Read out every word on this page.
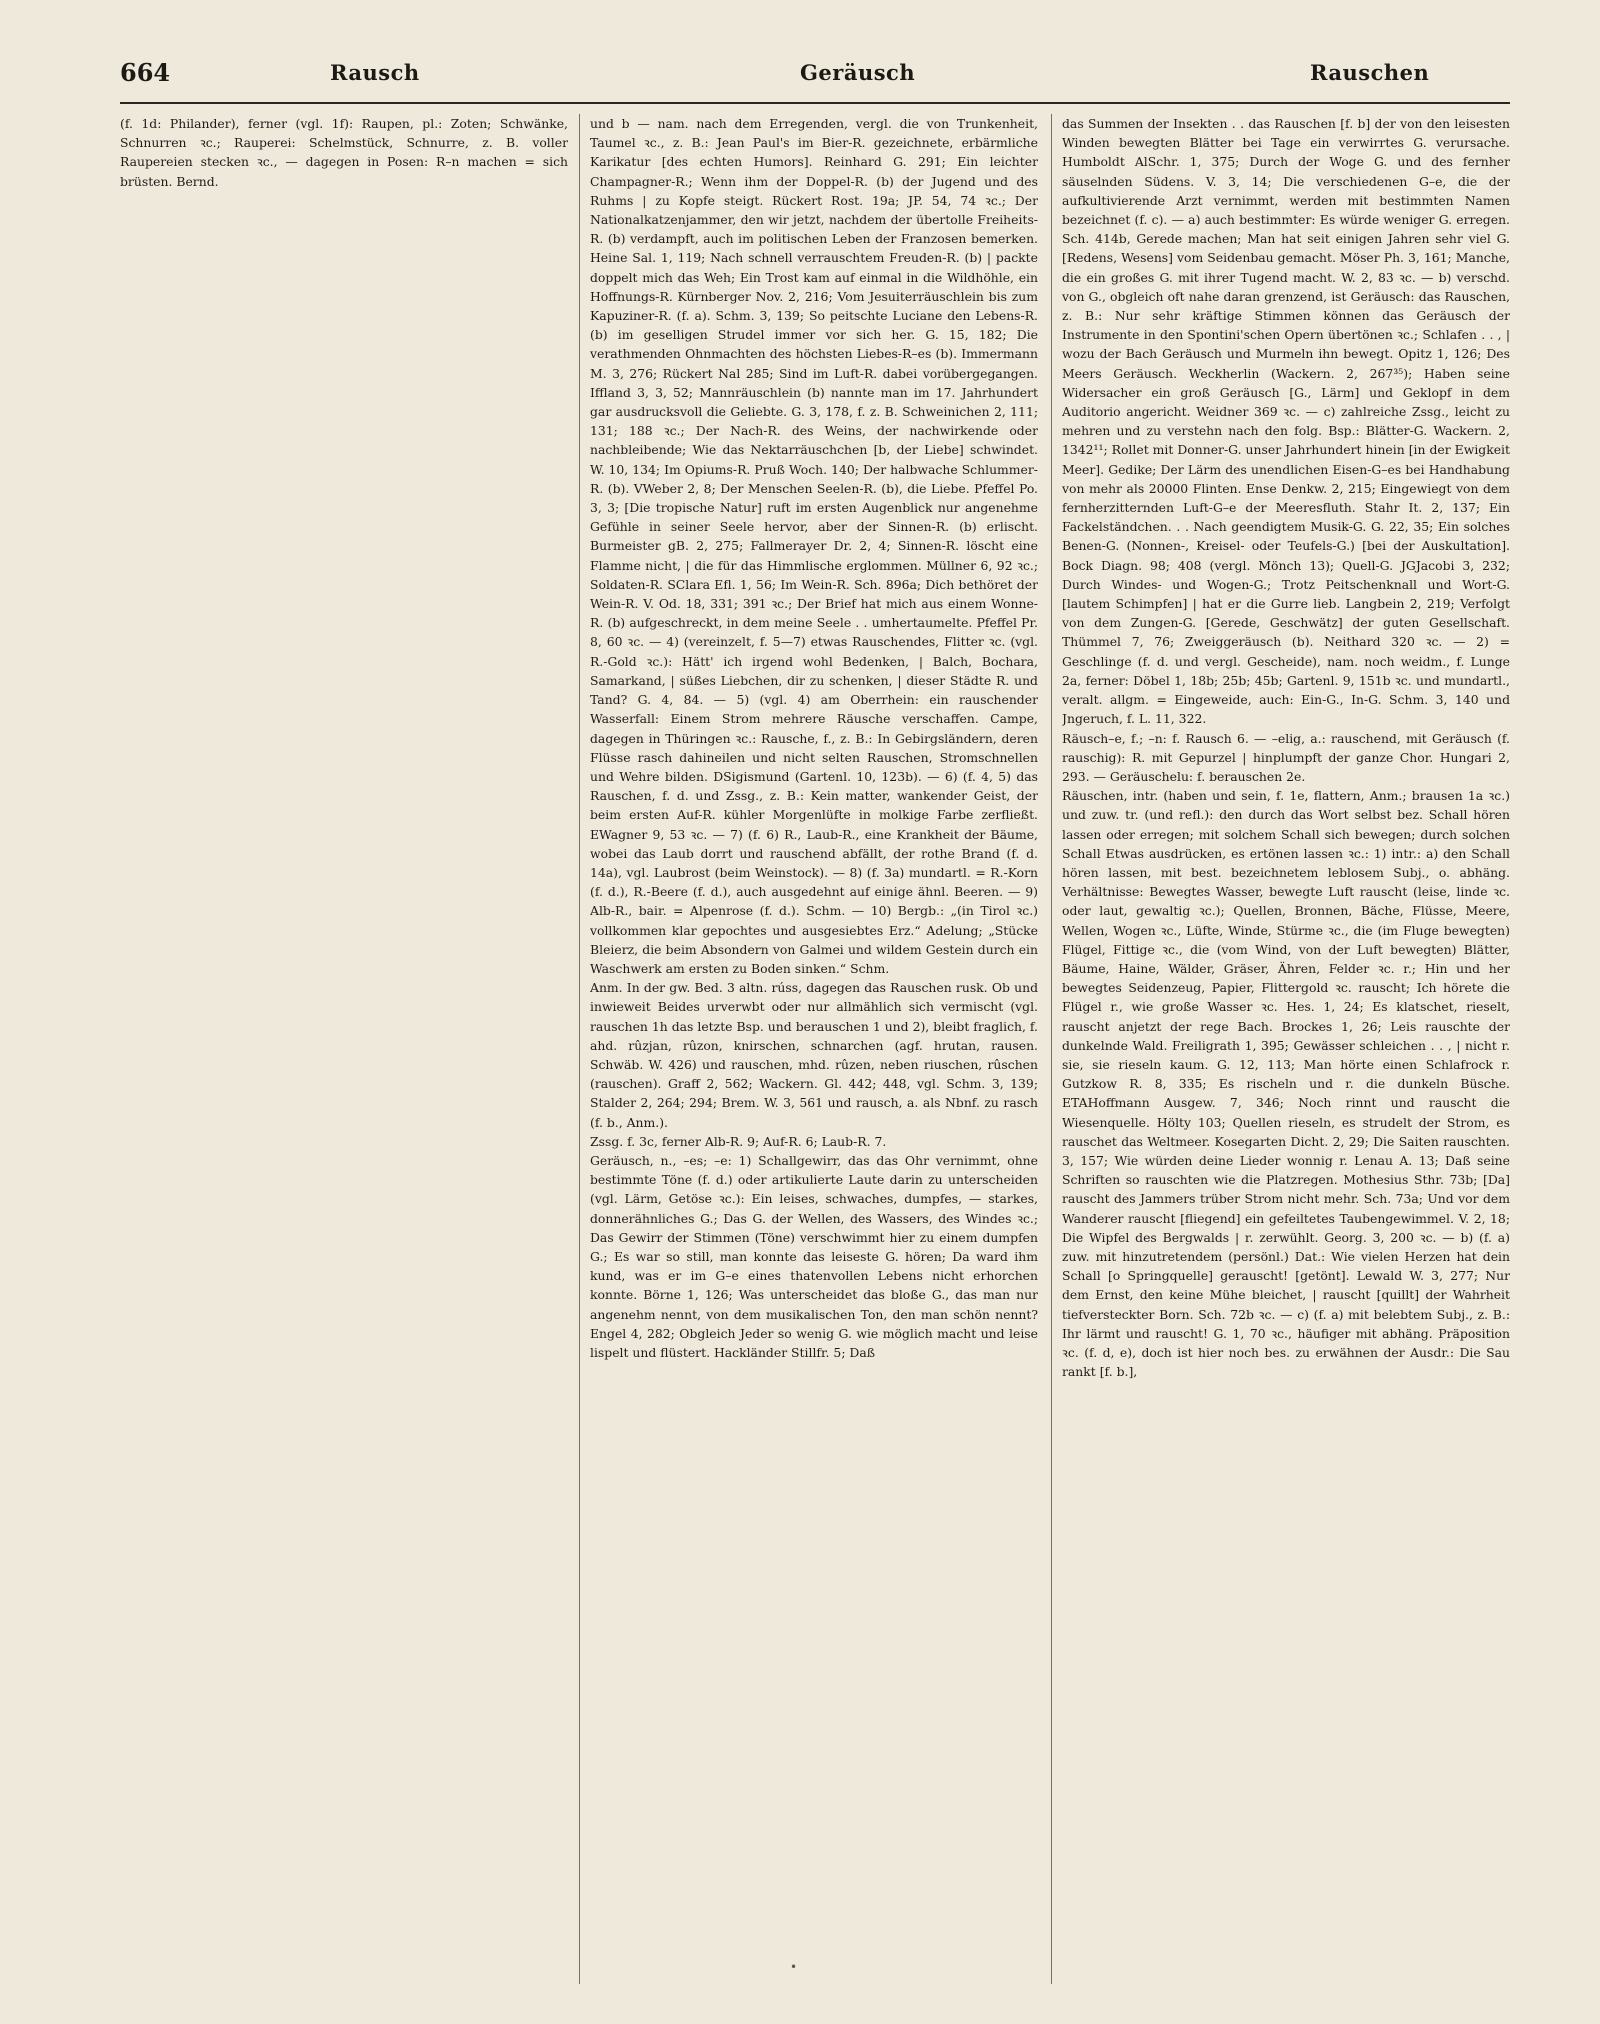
664	Rausch	Geräusch	Rauschen

(f. 1d: Philander), ferner (vgl. 1f): Raupen, pl.: Zoten; Schwänke, Schnurren ꝛc.; Rauperei: Schelmstück, Schnurre, z. B. voller Raupereien stecken ꝛc., — dagegen in Posen: R–n machen = sich brüsten. Bernd.

und b — nam. nach dem Erregenden, vergl. die von Trunkenheit, Taumel ꝛc., z. B.: Jean Paul's im Bier-R. gezeichnete, erbärmliche Karikatur [des echten Humors]. Reinhard G. 291; Ein leichter Champagner-R.; Wenn ihm der Doppel-R. (b) der Jugend und des Ruhms | zu Kopfe steigt. Rückert Rost. 19a; JP. 54, 74 ꝛc.; Der Nationalkatzenjammer, den wir jetzt, nachdem der übertolle Freiheits-R. (b) verdampft, auch im politischen Leben der Franzosen bemerken. Heine Sal. 1, 119; Nach schnell verrauschtem Freuden-R. (b) | packte doppelt mich das Weh; Ein Trost kam auf einmal in die Wildhöhle, ein Hoffnungs-R. Kürnberger Nov. 2, 216; Vom Jesuiterräuschlein bis zum Kapuziner-R. (f. a). Schm. 3, 139; So peitschte Luciane den Lebens-R. (b) im geselligen Strudel immer vor sich her. G. 15, 182; Die verathmenden Ohnmachten des höchsten Liebes-R–es (b). Immermann M. 3, 276; Rückert Nal 285; Sind im Luft-R. dabei vorübergegangen. Iffland 3, 3, 52; Mannräuschlein (b) nannte man im 17. Jahrhundert gar ausdrucksvoll die Geliebte. G. 3, 178, f. z. B. Schweinichen 2, 111; 131; 188 ꝛc.; Der Nach-R. des Weins, der nachwirkende oder nachbleibende; Wie das Nektarräuschchen [b, der Liebe] schwindet. W. 10, 134; Im Opiums-R. Pruß Woch. 140; Der halbwache Schlummer-R. (b). VWeber 2, 8; Der Menschen Seelen-R. (b), die Liebe. Pfeffel Po. 3, 3; [Die tropische Natur] ruft im ersten Augenblick nur angenehme Gefühle in seiner Seele hervor, aber der Sinnen-R. (b) erlischt. Burmeister gB. 2, 275; Fallmerayer Dr. 2, 4; Sinnen-R. löscht eine Flamme nicht, | die für das Himmlische erglommen. Müllner 6, 92 ꝛc.; Soldaten-R. SClara Efl. 1, 56; Im Wein-R. Sch. 896a; Dich bethöret der Wein-R. V. Od. 18, 331; 391 ꝛc.; Der Brief hat mich aus einem Wonne-R. (b) aufgeschreckt, in dem meine Seele . . umhertaumelte. Pfeffel Pr. 8, 60 ꝛc. — 4) (vereinzelt, f. 5—7) etwas Rauschendes, Flitter ꝛc. (vgl. R.-Gold ꝛc.): Hätt' ich irgend wohl Bedenken, | Balch, Bochara, Samarkand, | süßes Liebchen, dir zu schenken, | dieser Städte R. und Tand? G. 4, 84. — 5) (vgl. 4) am Oberrhein: ein rauschender Wasserfall: Einem Strom mehrere Räusche verschaffen. Campe, dagegen in Thüringen ꝛc.: Rausche, f., z. B.: In Gebirgsländern, deren Flüsse rasch dahineilen und nicht selten Rauschen, Stromschnellen und Wehre bilden. DSigismund (Gartenl. 10, 123b). — 6) (f. 4, 5) das Rauschen, f. d. und Zssg., z. B.: Kein matter, wankender Geist, der beim ersten Auf-R. kühler Morgenlüfte in molkige Farbe zerfließt. EWagner 9, 53 ꝛc. — 7) (f. 6) R., Laub-R., eine Krankheit der Bäume, wobei das Laub dorrt und rauschend abfällt, der rothe Brand (f. d. 14a), vgl. Laubrost (beim Weinstock). — 8) (f. 3a) mundartl. = R.-Korn (f. d.), R.-Beere (f. d.), auch ausgedehnt auf einige ähnl. Beeren. — 9) Alb-R., bair. = Alpenrose (f. d.). Schm. — 10) Bergb.: „(in Tirol ꝛc.) vollkommen klar gepochtes und ausgesiebtes Erz.“ Adelung; „Stücke Bleierz, die beim Absondern von Galmei und wildem Gestein durch ein Waschwerk am ersten zu Boden sinken.“ Schm.

Anm. In der gw. Bed. 3 altn. rúss, dagegen das Rauschen rusk. Ob und inwieweit Beides urverwbt oder nur allmählich sich vermischt (vgl. rauschen 1h das letzte Bsp. und berauschen 1 und 2), bleibt fraglich, f. ahd. rûzjan, rûzon, knirschen, schnarchen (agf. hrutan, rausen. Schwäb. W. 426) und rauschen, mhd. rûzen, neben riuschen, rûschen (rauschen). Graff 2, 562; Wackern. Gl. 442; 448, vgl. Schm. 3, 139; Stalder 2, 264; 294; Brem. W. 3, 561 und rausch, a. als Nbnf. zu rasch (f. b., Anm.).

Zssg. f. 3c, ferner Alb-R. 9; Auf-R. 6; Laub-R. 7.

Geräusch, n., –es; –e: 1) Schallgewirr, das das Ohr vernimmt, ohne bestimmte Töne (f. d.) oder artikulierte Laute darin zu unterscheiden (vgl. Lärm, Getöse ꝛc.): Ein leises, schwaches, dumpfes, — starkes, donnerähnliches G.; Das G. der Wellen, des Wassers, des Windes ꝛc.; Das Gewirr der Stimmen (Töne) verschwimmt hier zu einem dumpfen G.; Es war so still, man konnte das leiseste G. hören; Da ward ihm kund, was er im G–e eines thatenvollen Lebens nicht erhorchen konnte. Börne 1, 126; Was unterscheidet das bloße G., das man nur angenehm nennt, von dem musikalischen Ton, den man schön nennt? Engel 4, 282; Obgleich Jeder so wenig G. wie möglich macht und leise lispelt und flüstert. Hackländer Stillfr. 5; Daß

das Summen der Insekten . . das Rauschen [f. b] der von den leisesten Winden bewegten Blätter bei Tage ein verwirrtes G. verursache. Humboldt AlSchr. 1, 375; Durch der Woge G. und des fernher säuselnden Südens. V. 3, 14; Die verschiedenen G–e, die der aufkultivierende Arzt vernimmt, werden mit bestimmten Namen bezeichnet (f. c). — a) auch bestimmter: Es würde weniger G. erregen. Sch. 414b, Gerede machen; Man hat seit einigen Jahren sehr viel G. [Redens, Wesens] vom Seidenbau gemacht. Möser Ph. 3, 161; Manche, die ein großes G. mit ihrer Tugend macht. W. 2, 83 ꝛc. — b) verschd. von G., obgleich oft nahe daran grenzend, ist Geräusch: das Rauschen, z. B.: Nur sehr kräftige Stimmen können das Geräusch der Instrumente in den Spontini'schen Opern übertönen ꝛc.; Schlafen . . , | wozu der Bach Geräusch und Murmeln ihn bewegt. Opitz 1, 126; Des Meers Geräusch. Weckherlin (Wackern. 2, 267³⁵); Haben seine Widersacher ein groß Geräusch [G., Lärm] und Geklopf in dem Auditorio angericht. Weidner 369 ꝛc. — c) zahlreiche Zssg., leicht zu mehren und zu verstehn nach den folg. Bsp.: Blätter-G. Wackern. 2, 1342¹¹; Rollet mit Donner-G. unser Jahrhundert hinein [in der Ewigkeit Meer]. Gedike; Der Lärm des unendlichen Eisen-G–es bei Handhabung von mehr als 20000 Flinten. Ense Denkw. 2, 215; Eingewiegt von dem fernherzitternden Luft-G–e der Meeresfluth. Stahr It. 2, 137; Ein Fackelständchen. . . Nach geendigtem Musik-G. G. 22, 35; Ein solches Benen-G. (Nonnen-, Kreisel- oder Teufels-G.) [bei der Auskultation]. Bock Diagn. 98; 408 (vergl. Mönch 13); Quell-G. JGJacobi 3, 232; Durch Windes- und Wogen-G.; Trotz Peitschenknall und Wort-G. [lautem Schimpfen] | hat er die Gurre lieb. Langbein 2, 219; Verfolgt von dem Zungen-G. [Gerede, Geschwätz] der guten Gesellschaft. Thümmel 7, 76; Zweiggeräusch (b). Neithard 320 ꝛc. — 2) = Geschlinge (f. d. und vergl. Gescheide), nam. noch weidm., f. Lunge 2a, ferner: Döbel 1, 18b; 25b; 45b; Gartenl. 9, 151b ꝛc. und mundartl., veralt. allgm. = Eingeweide, auch: Ein-G., In-G. Schm. 3, 140 und Jngeruch, f. L. 11, 322.

Räusch–e, f.; –n: f. Rausch 6. — –elig, a.: rauschend, mit Geräusch (f. rauschig): R. mit Gepurzel | hinplumpft der ganze Chor. Hungari 2, 293. — Geräuschelu: f. berauschen 2e.

Räuschen, intr. (haben und sein, f. 1e, flattern, Anm.; brausen 1a ꝛc.) und zuw. tr. (und refl.): den durch das Wort selbst bez. Schall hören lassen oder erregen; mit solchem Schall sich bewegen; durch solchen Schall Etwas ausdrücken, es ertönen lassen ꝛc.: 1) intr.: a) den Schall hören lassen, mit best. bezeichnetem leblosem Subj., o. abhäng. Verhältnisse: Bewegtes Wasser, bewegte Luft rauscht (leise, linde ꝛc. oder laut, gewaltig ꝛc.); Quellen, Bronnen, Bäche, Flüsse, Meere, Wellen, Wogen ꝛc., Lüfte, Winde, Stürme ꝛc., die (im Fluge bewegten) Flügel, Fittige ꝛc., die (vom Wind, von der Luft bewegten) Blätter, Bäume, Haine, Wälder, Gräser, Ähren, Felder ꝛc. r.; Hin und her bewegtes Seidenzeug, Papier, Flittergold ꝛc. rauscht; Ich hörete die Flügel r., wie große Wasser ꝛc. Hes. 1, 24; Es klatschet, rieselt, rauscht anjetzt der rege Bach. Brockes 1, 26; Leis rauschte der dunkelnde Wald. Freiligrath 1, 395; Gewässer schleichen . . , | nicht r. sie, sie rieseln kaum. G. 12, 113; Man hörte einen Schlafrock r. Gutzkow R. 8, 335; Es rischeln und r. die dunkeln Büsche. ETAHoffmann Ausgew. 7, 346; Noch rinnt und rauscht die Wiesenquelle. Hölty 103; Quellen rieseln, es strudelt der Strom, es rauschet das Weltmeer. Kosegarten Dicht. 2, 29; Die Saiten rauschten. 3, 157; Wie würden deine Lieder wonnig r. Lenau A. 13; Daß seine Schriften so rauschten wie die Platzregen. Mothesius Sthr. 73b; [Da] rauscht des Jammers trüber Strom nicht mehr. Sch. 73a; Und vor dem Wanderer rauscht [fliegend] ein gefeiltetes Taubengewimmel. V. 2, 18; Die Wipfel des Bergwalds | r. zerwühlt. Georg. 3, 200 ꝛc. — b) (f. a) zuw. mit hinzutretendem (persönl.) Dat.: Wie vielen Herzen hat dein Schall [o Springquelle] gerauscht! [getönt]. Lewald W. 3, 277; Nur dem Ernst, den keine Mühe bleichet, | rauscht [quillt] der Wahrheit tiefversteckter Born. Sch. 72b ꝛc. — c) (f. a) mit belebtem Subj., z. B.: Ihr lärmt und rauscht! G. 1, 70 ꝛc., häufiger mit abhäng. Präposition ꝛc. (f. d, e), doch ist hier noch bes. zu erwähnen der Ausdr.: Die Sau rankt [f. b.],

•
